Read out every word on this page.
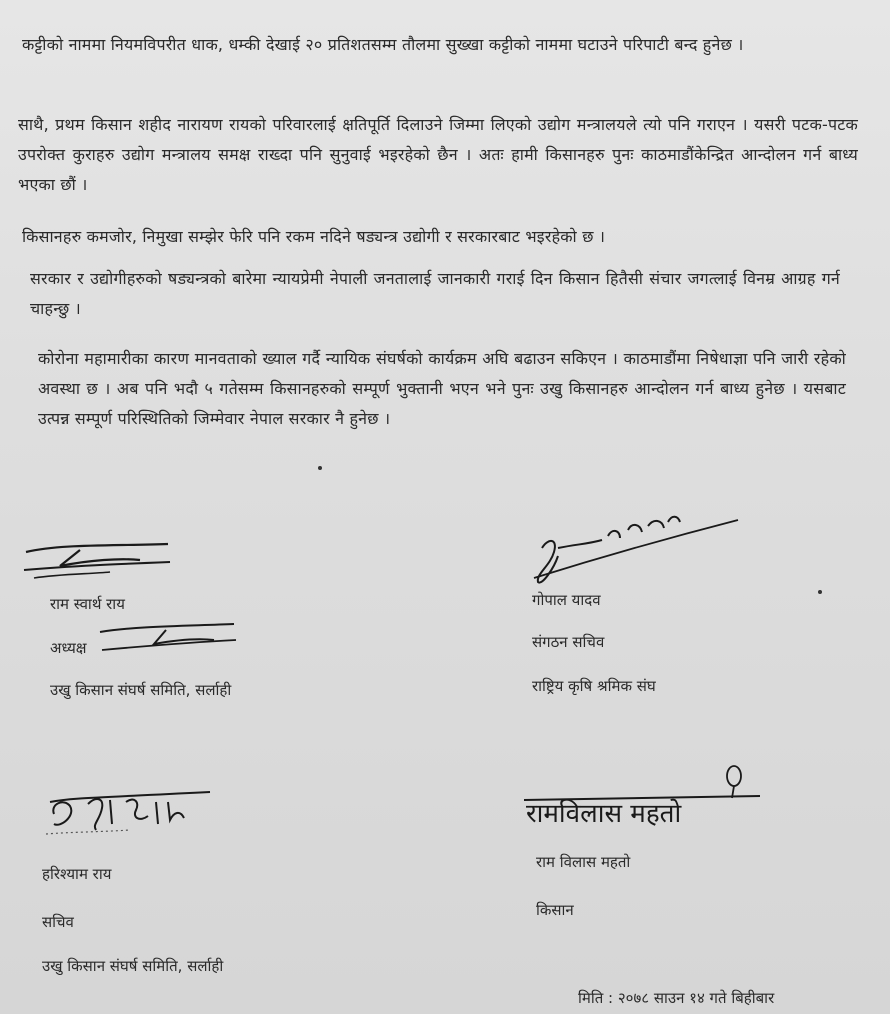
कट्टीको नाममा नियमविपरीत धाक, धम्की देखाई २० प्रतिशतसम्म तौलमा सुख्खा कट्टीको नाममा घटाउने परिपाटी बन्द हुनेछ ।

साथै, प्रथम किसान शहीद नारायण रायको परिवारलाई क्षतिपूर्ति दिलाउने जिम्मा लिएको उद्योग मन्त्रालयले त्यो पनि गराएन । यसरी पटक-पटक उपरोक्त कुराहरु उद्योग मन्त्रालय समक्ष राख्दा पनि सुनुवाई भइरहेको छैन । अतः हामी किसानहरु पुनः काठमाडौंकेन्द्रित आन्दोलन गर्न बाध्य भएका छौं ।

किसानहरु कमजोर, निमुखा सम्झेर फेरि पनि रकम नदिने षड्यन्त्र उद्योगी र सरकारबाट भइरहेको छ ।

सरकार र उद्योगीहरुको षड्यन्त्रको बारेमा न्यायप्रेमी नेपाली जनतालाई जानकारी गराई दिन किसान हितैसी संचार जगत्लाई विनम्र आग्रह गर्न चाहन्छु ।

कोरोना महामारीका कारण मानवताको ख्याल गर्दै न्यायिक संघर्षको कार्यक्रम अघि बढाउन सकिएन । काठमाडौंमा निषेधाज्ञा पनि जारी रहेको अवस्था छ । अब पनि भदौ ५ गतेसम्म किसानहरुको सम्पूर्ण भुक्तानी भएन भने पुनः उखु किसानहरु आन्दोलन गर्न बाध्य हुनेछ । यसबाट उत्पन्न सम्पूर्ण परिस्थितिको जिम्मेवार नेपाल सरकार नै हुनेछ ।

राम स्वार्थ राय
अध्यक्ष
उखु किसान संघर्ष समिति, सर्लाही
गोपाल यादव
संगठन सचिव
राष्ट्रिय कृषि श्रमिक संघ
हरिश्याम राय
सचिव
उखु किसान संघर्ष समिति, सर्लाही
रामविलास महतो
राम विलास महतो
किसान
मिति : २०७८ साउन १४ गते बिहीबार
